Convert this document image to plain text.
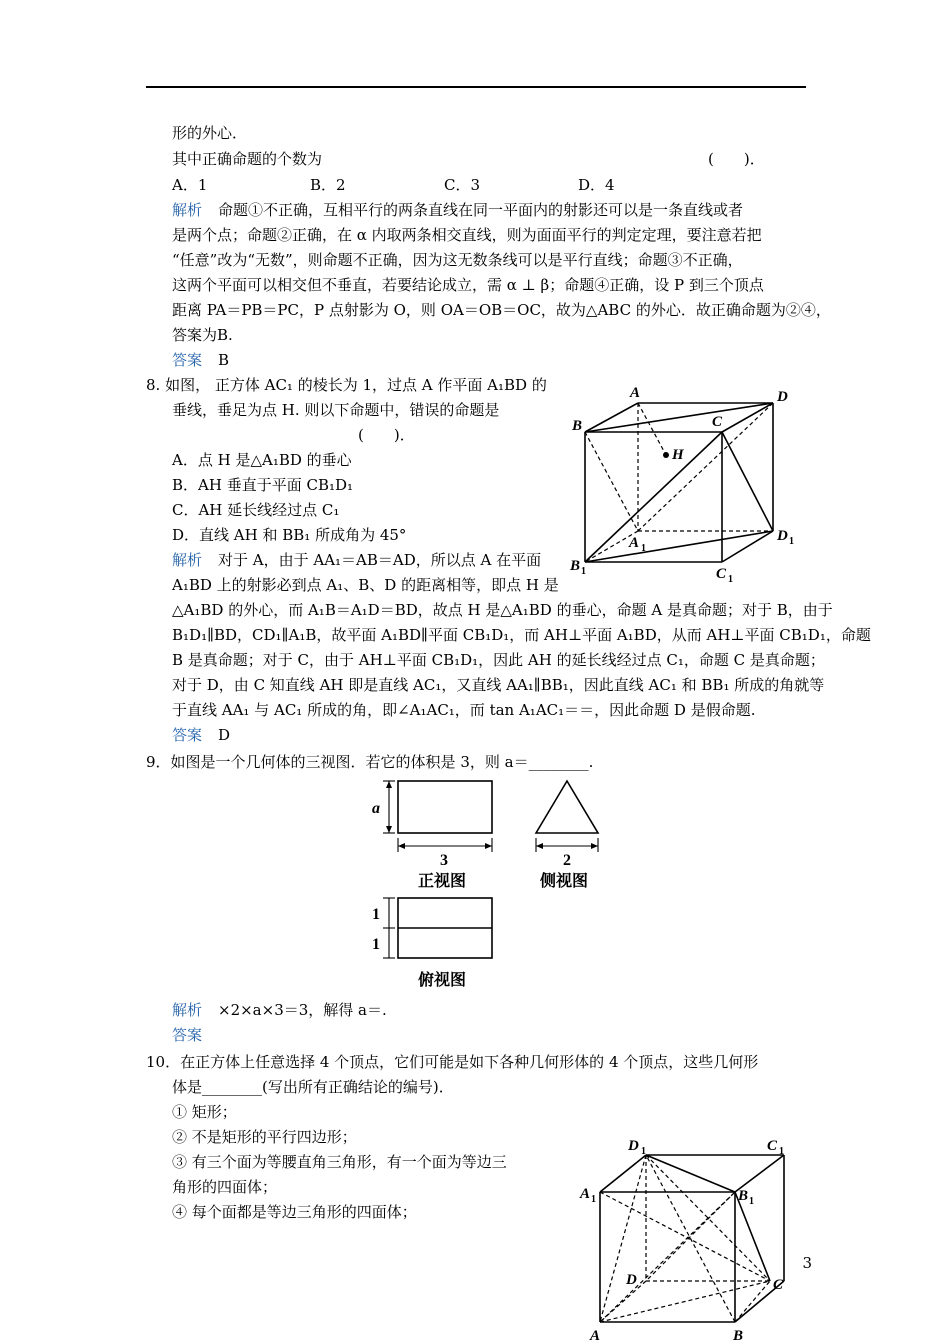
形的外心．
其中正确命题的个数为	(　　)．
A．1	B．2	C．3	D．4
解析 命题①不正确，互相平行的两条直线在同一平面内的射影还可以是一条直线或者
是两个点；命题②正确，在 α 内取两条相交直线，则为面面平行的判定定理，要注意若把
“任意”改为“无数”，则命题不正确，因为这无数条线可以是平行直线；命题③不正确，
这两个平面可以相交但不垂直，若要结论成立，需 α ⊥ β；命题④正确，设 P 到三个顶点
距离 PA＝PB＝PC，P 点射影为 O，则 OA＝OB＝OC，故为△ABC 的外心．故正确命题为②④，
答案为B.
答案 B
8. 如图， 正方体 AC₁ 的棱长为 1，过点 A 作平面 A₁BD 的
垂线，垂足为点 H. 则以下命题中，错误的命题是
(　　)．
A．点 H 是△A₁BD 的垂心
B．AH 垂直于平面 CB₁D₁
C．AH 延长线经过点 C₁
D．直线 AH 和 BB₁ 所成角为 45°
解析 对于 A，由于 AA₁＝AB＝AD，所以点 A 在平面
A₁BD 上的射影必到点 A₁、B、D 的距离相等，即点 H 是
△A₁BD 的外心，而 A₁B＝A₁D＝BD，故点 H 是△A₁BD 的垂心，命题 A 是真命题；对于 B，由于
B₁D₁∥BD，CD₁∥A₁B，故平面 A₁BD∥平面 CB₁D₁，而 AH⊥平面 A₁BD，从而 AH⊥平面 CB₁D₁，命题
B 是真命题；对于 C，由于 AH⊥平面 CB₁D₁，因此 AH 的延长线经过点 C₁，命题 C 是真命题；
对于 D，由 C 知直线 AH 即是直线 AC₁，又直线 AA₁∥BB₁，因此直线 AC₁ 和 BB₁ 所成的角就等
于直线 AA₁ 与 AC₁ 所成的角，即∠A₁AC₁，而 tan A₁AC₁＝＝，因此命题 D 是假命题.
答案 D
A	D
B	C
H
A 1
D 1
B 1	C 1
9．如图是一个几何体的三视图．若它的体积是 3，则 a＝________.
a
3	2
1
1
正视图	侧视图
俯视图
解析 ×2×a×3＝3，解得 a＝.
答案
10．在正方体上任意选择 4 个顶点，它们可能是如下各种几何形体的 4 个顶点，这些几何形
体是________(写出所有正确结论的编号)．
① 矩形；
② 不是矩形的平行四边形；
③ 有三个面为等腰直角三角形，有一个面为等边三
角形的四面体；
④ 每个面都是等边三角形的四面体；
D 1	C 1
A 1	B 1
D	C
A	B
3
